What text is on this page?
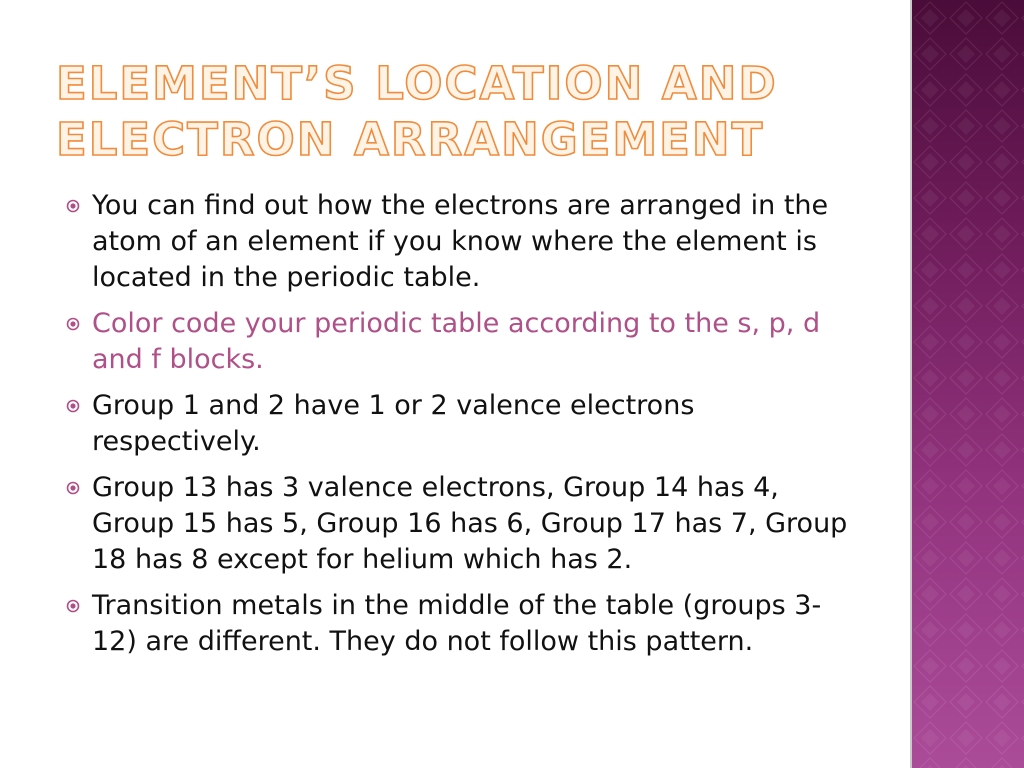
ELEMENT’S LOCATION AND
ELECTRON ARRANGEMENT
You can find out how the electrons are arranged in the atom of an element if you know where the element is located in the periodic table.
Color code your periodic table according to the s, p, d and f blocks.
Group 1 and 2 have 1 or 2 valence electrons respectively.
Group 13 has 3 valence electrons, Group 14 has 4, Group 15 has 5, Group 16 has 6, Group 17 has 7, Group 18 has 8 except for helium which has 2.
Transition metals in the middle of the table (groups 3-12) are different. They do not follow this pattern.
